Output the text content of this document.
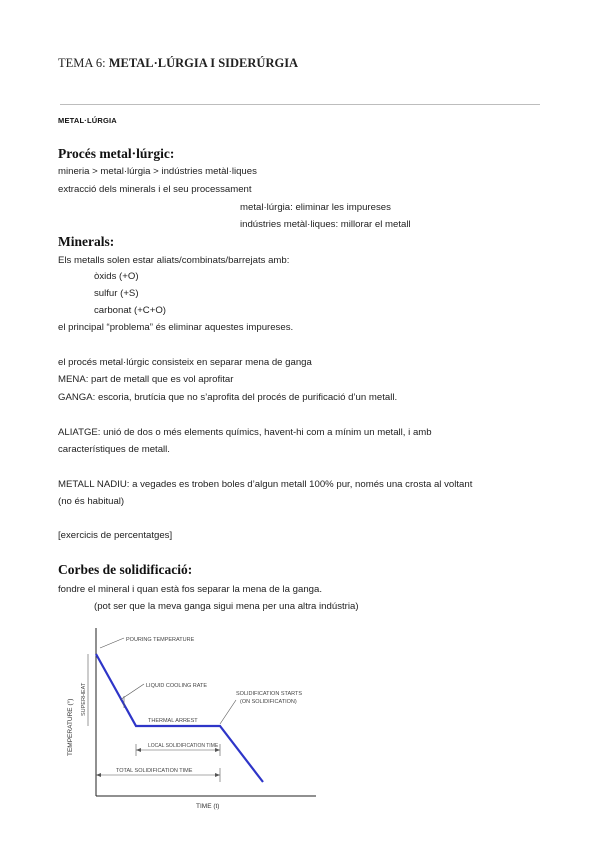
TEMA 6: METAL·LÚRGIA I SIDERÚRGIA
METAL·LÚRGIA
Procés metal·lúrgic:
mineria > metal·lúrgia > indústries metàl·liques
extracció dels minerals i el seu processament
metal·lúrgia: eliminar les impureses
indústries metàl·liques: millorar el metall
Minerals:
Els metalls solen estar aliats/combinats/barrejats amb:
òxids (+O)
sulfur (+S)
carbonat (+C+O)
el principal “problema” és eliminar aquestes impureses.
el procés metal·lúrgic consisteix en separar mena de ganga
MENA: part de metall que es vol aprofitar
GANGA: escoria, brutícia que no s’aprofita del procés de purificació d’un metall.
ALIATGE: unió de dos o més elements químics, havent-hi com a mínim un metall, i amb
característiques de metall.
METALL NADIU: a vegades es troben boles d’algun metall 100% pur, només una crosta al voltant
(no és habitual)
[exercicis de percentatges]
Corbes de solidificació:
fondre el mineral i quan està fos separar la mena de la ganga.
(pot ser que la meva ganga sigui mena per una altra indústria)
POURING TEMPERATURE
LIQUID COOLING RATE
THERMAL ARREST
SOLIDIFICATION STARTS
(ON SOLIDIFICATION)
SUPERHEAT
TEMPERATURE (°)	LOCAL SOLIDIFICATION TIME
TOTAL SOLIDIFICATION TIME
TIME (t)
